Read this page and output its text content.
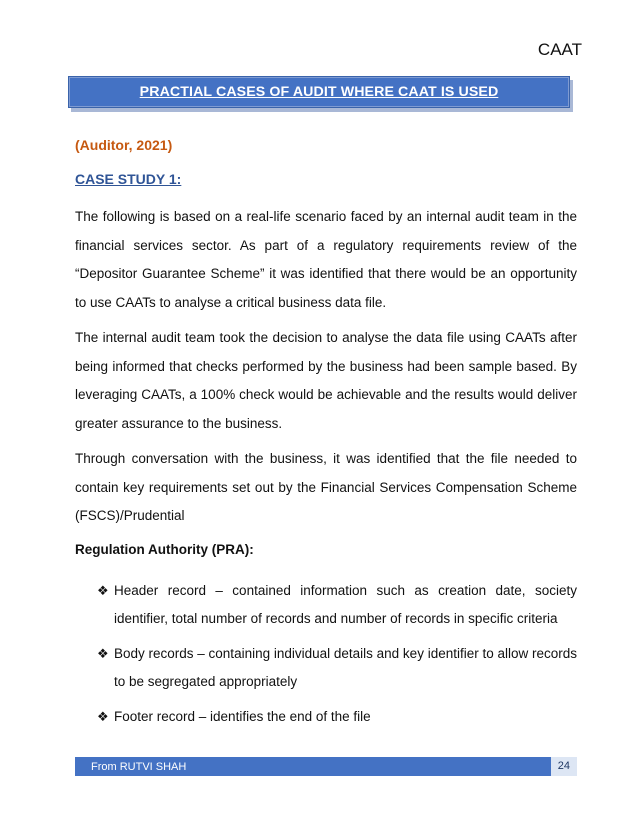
CAAT
PRACTIAL CASES OF AUDIT WHERE CAAT IS USED
(Auditor, 2021)
CASE STUDY 1:

The following is based on a real-life scenario faced by an internal audit team in the financial services sector. As part of a regulatory requirements review of the “Depositor Guarantee Scheme” it was identified that there would be an opportunity to use CAATs to analyse a critical business data file.

The internal audit team took the decision to analyse the data file using CAATs after being informed that checks performed by the business had been sample based. By leveraging CAATs, a 100% check would be achievable and the results would deliver greater assurance to the business.

Through conversation with the business, it was identified that the file needed to contain key requirements set out by the Financial Services Compensation Scheme (FSCS)/Prudential

Regulation Authority (PRA):
❖ Header record – contained information such as creation date, society identifier, total number of records and number of records in specific criteria
❖ Body records – containing individual details and key identifier to allow records to be segregated appropriately
❖ Footer record – identifies the end of the file
From RUTVI SHAH	24
